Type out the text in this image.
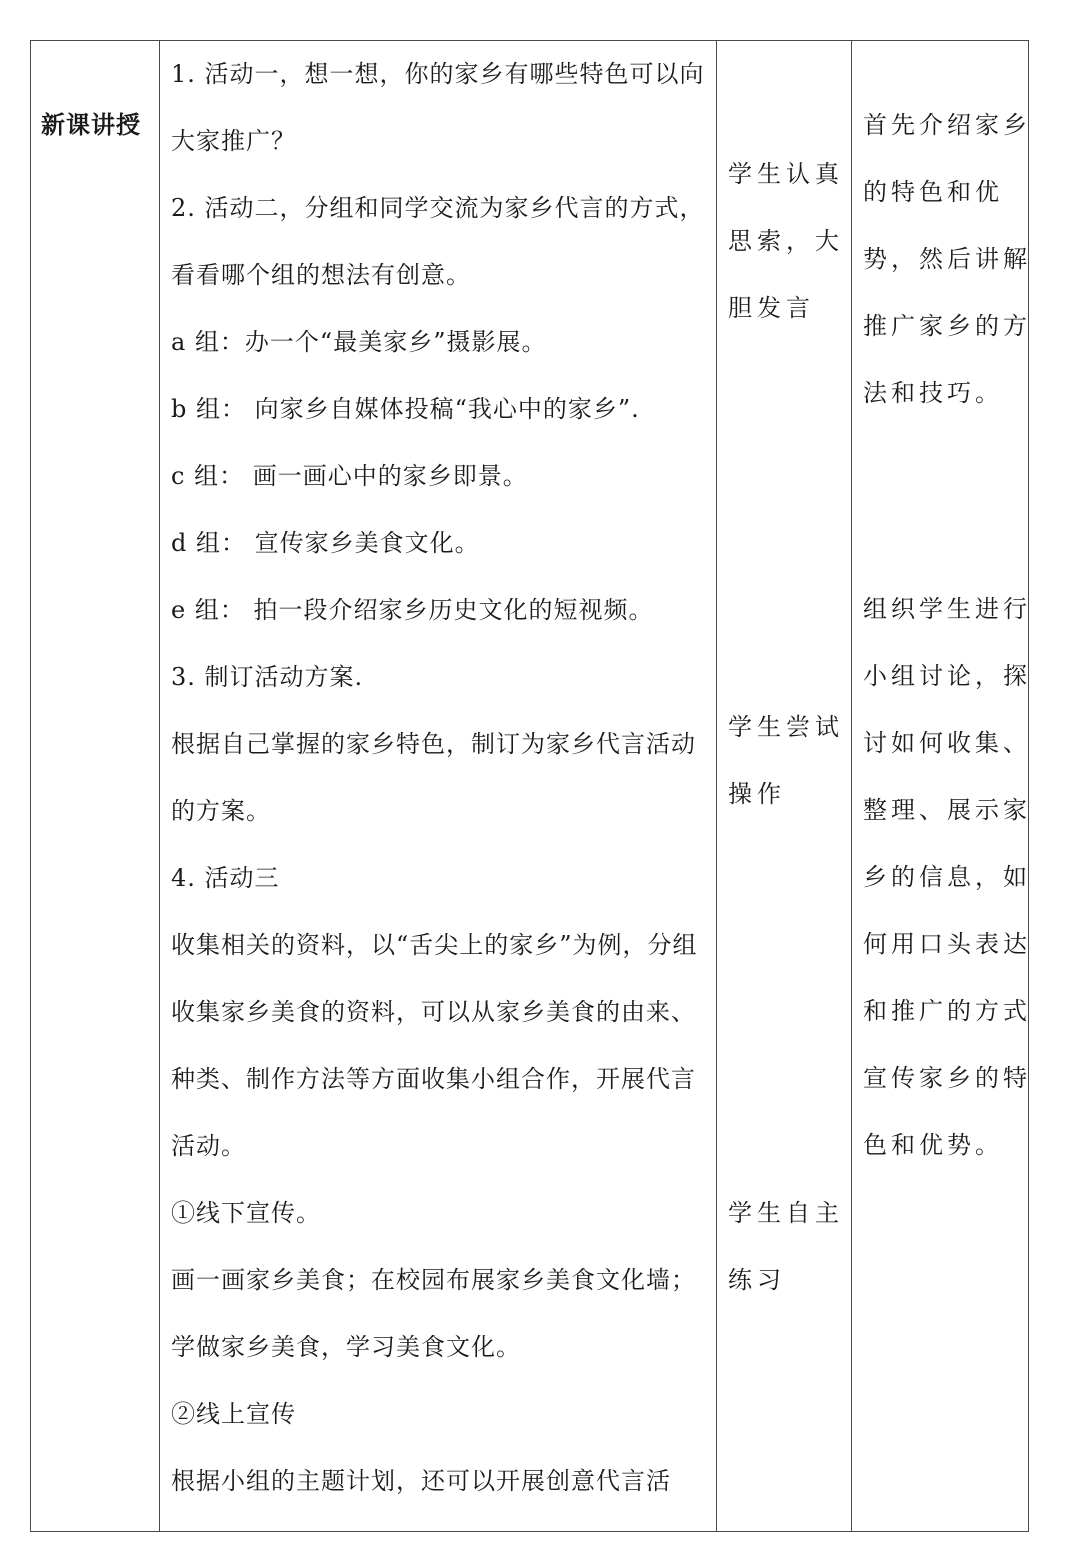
新课讲授
1. 活动一，想一想，你的家乡有哪些特色可以向
大家推广？
2. 活动二，分组和同学交流为家乡代言的方式，
看看哪个组的想法有创意。
a 组：办一个“最美家乡”摄影展。
b 组： 向家乡自媒体投稿“我心中的家乡”.
c 组： 画一画心中的家乡即景。
d 组： 宣传家乡美食文化。
e 组： 拍一段介绍家乡历史文化的短视频。
3. 制订活动方案.
根据自己掌握的家乡特色，制订为家乡代言活动
的方案。
4. 活动三
收集相关的资料，以“舌尖上的家乡”为例，分组
收集家乡美食的资料，可以从家乡美食的由来、
种类、制作方法等方面收集小组合作，开展代言
活动。
①线下宣传。
画一画家乡美食；在校园布展家乡美食文化墙；
学做家乡美食，学习美食文化。
②线上宣传
根据小组的主题计划，还可以开展创意代言活
学生认真
思索，大
胆发言
学生尝试
操作
学生自主
练习
首先介绍家乡
的特色和优
势，然后讲解
推广家乡的方
法和技巧。
组织学生进行
小组讨论，探
讨如何收集、
整理、展示家
乡的信息，如
何用口头表达
和推广的方式
宣传家乡的特
色和优势。
